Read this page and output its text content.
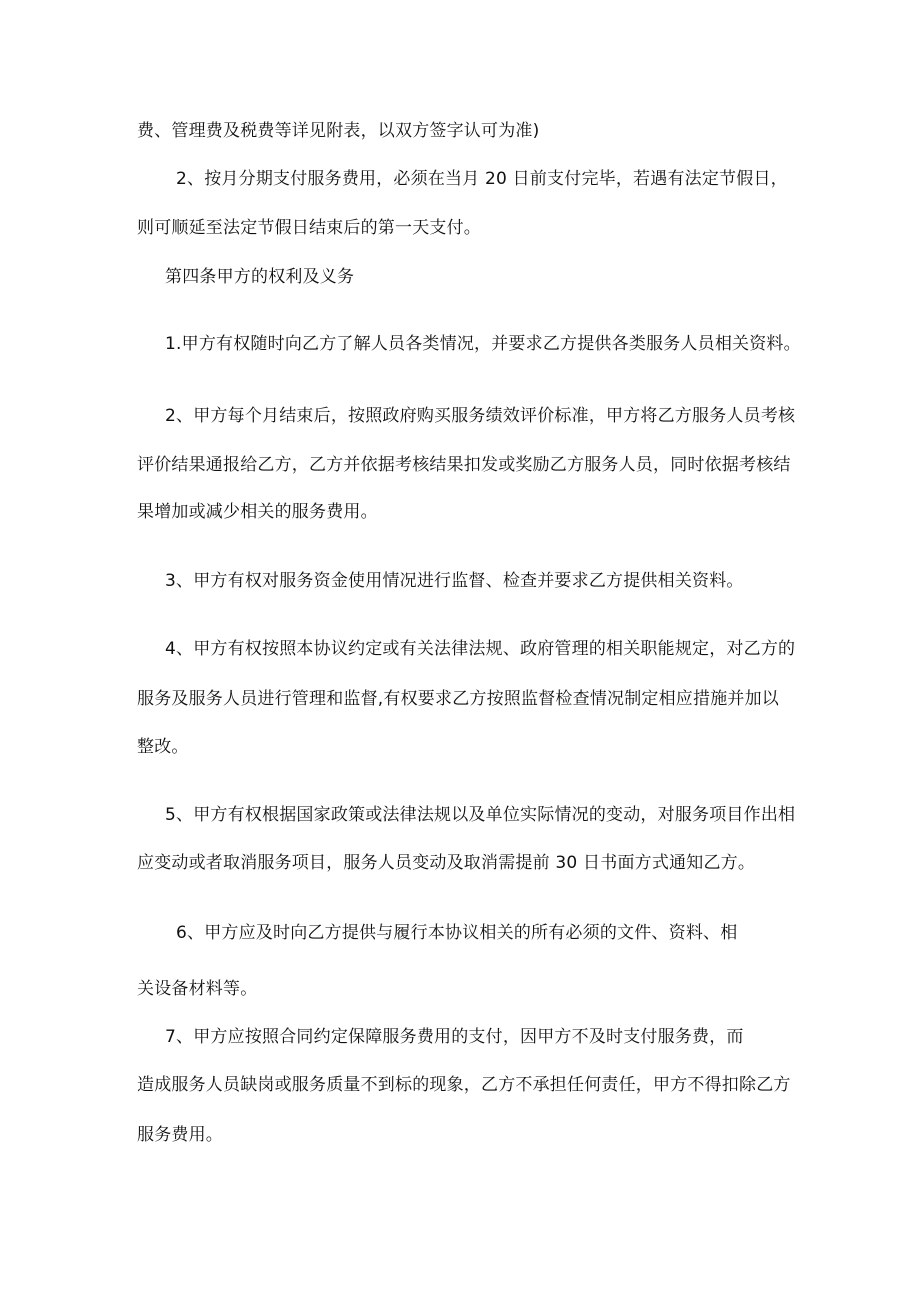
费、管理费及税费等详见附表，以双方签字认可为准)
2、按月分期支付服务费用，必须在当月 20 日前支付完毕，若遇有法定节假日，
则可顺延至法定节假日结束后的第一天支付。
第四条甲方的权利及义务
1.甲方有权随时向乙方了解人员各类情况，并要求乙方提供各类服务人员相关资料。
2、甲方每个月结束后，按照政府购买服务绩效评价标准，甲方将乙方服务人员考核
评价结果通报给乙方，乙方并依据考核结果扣发或奖励乙方服务人员，同时依据考核结
果增加或减少相关的服务费用。
3、甲方有权对服务资金使用情况进行监督、检查并要求乙方提供相关资料。
4、甲方有权按照本协议约定或有关法律法规、政府管理的相关职能规定，对乙方的
服务及服务人员进行管理和监督,有权要求乙方按照监督检查情况制定相应措施并加以
整改。
5、甲方有权根据国家政策或法律法规以及单位实际情况的变动，对服务项目作出相
应变动或者取消服务项目，服务人员变动及取消需提前 30 日书面方式通知乙方。
6、甲方应及时向乙方提供与履行本协议相关的所有必须的文件、资料、相
关设备材料等。
7、甲方应按照合同约定保障服务费用的支付，因甲方不及时支付服务费，而
造成服务人员缺岗或服务质量不到标的现象，乙方不承担任何责任，甲方不得扣除乙方
服务费用。
